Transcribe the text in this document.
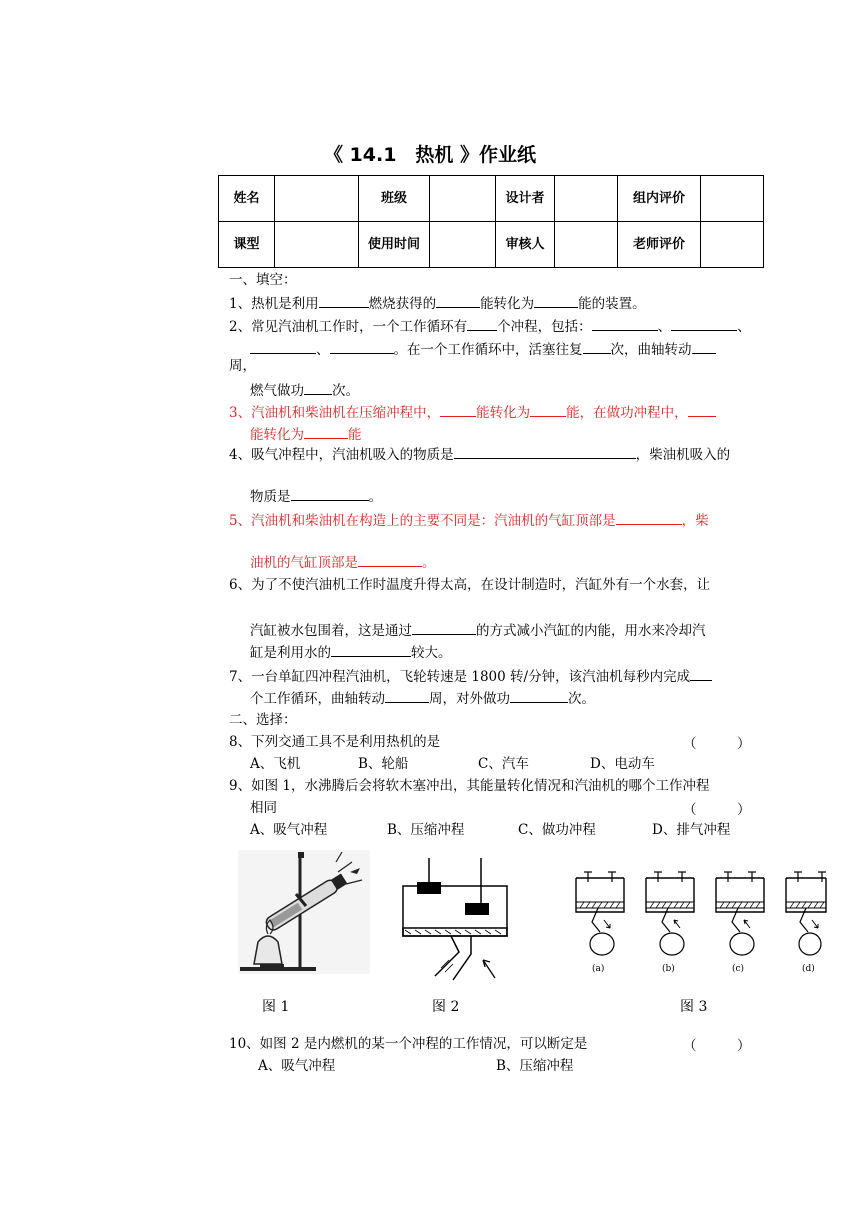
《 14.1　热机 》作业纸
姓名		班级		设计者		组内评价	
课型		使用时间		审核人		老师评价	
一、填空：
1、热机是利用	燃烧获得的	能转化为	能的装置。
2、常见汽油机工作时，一个工作循环有 个冲程，包括：	、	、
、	。在一个工作循环中，活塞往复 次，曲轴转动
周，
燃气做功 次。
3、汽油机和柴油机在压缩冲程中，	能转化为	能，在做功冲程中，
能转化为	能
4、吸气冲程中，汽油机吸入的物质是	，柴油机吸入的
物质是	。
5、汽油机和柴油机在构造上的主要不同是：汽油机的气缸顶部是	，柴
油机的气缸顶部是	。
6、为了不使汽油机工作时温度升得太高，在设计制造时，汽缸外有一个水套，让
汽缸被水包围着，这是通过	的方式减小汽缸的内能，用水来冷却汽
缸是利用水的	较大。
7、一台单缸四冲程汽油机，飞轮转速是 1800 转/分钟，该汽油机每秒内完成
个工作循环，曲轴转动	周，对外做功	次。
二、选择：
8、下列交通工具不是利用热机的是	（　　　）
A、飞机	B、轮船	C、汽车	D、电动车
9、如图 1，水沸腾后会将软木塞冲出，其能量转化情况和汽油机的哪个工作冲程
相同	（　　　）
A、吸气冲程	B、压缩冲程	C、做功冲程	D、排气冲程
图 1	图 2
(a)	(b)	(c)	(d)
图 3
10、如图 2 是内燃机的某一个冲程的工作情况，可以断定是	（　　　）
A、吸气冲程	B、压缩冲程
